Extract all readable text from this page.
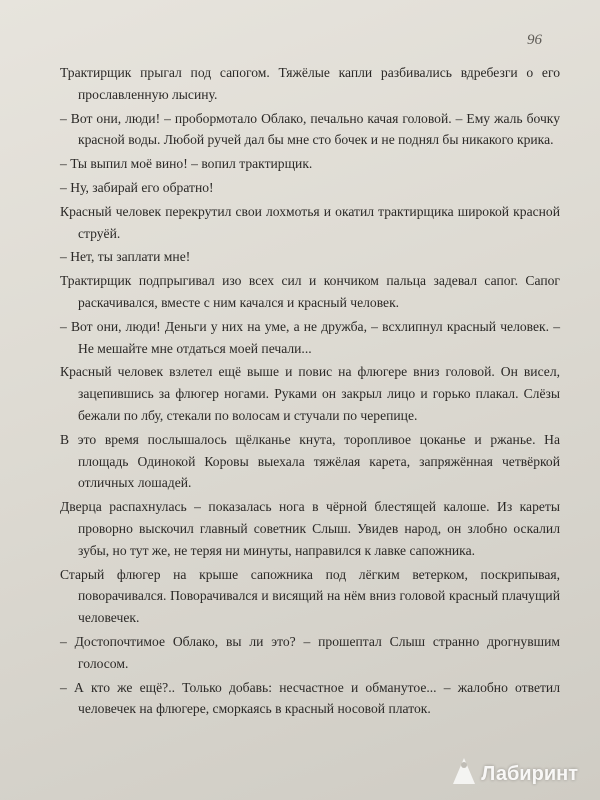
96

Трактирщик прыгал под сапогом. Тяжёлые капли разбивались вдребезги о его прославленную лысину.

– Вот они, люди! – пробормотало Облако, печально качая головой. – Ему жаль бочку красной воды. Любой ручей дал бы мне сто бочек и не поднял бы никакого крика.

– Ты выпил моё вино! – вопил трактирщик.

– Ну, забирай его обратно!

Красный человек перекрутил свои лохмотья и окатил трактирщика широкой красной струёй.

– Нет, ты заплати мне!

Трактирщик подпрыгивал изо всех сил и кончиком пальца задевал сапог. Сапог раскачивался, вместе с ним качался и красный человек.

– Вот они, люди! Деньги у них на уме, а не дружба, – всхлипнул красный человек. – Не мешайте мне отдаться моей печали...

Красный человек взлетел ещё выше и повис на флюгере вниз головой. Он висел, зацепившись за флюгер ногами. Руками он закрыл лицо и горько плакал. Слёзы бежали по лбу, стекали по волосам и стучали по черепице.

В это время послышалось щёлканье кнута, торопливое цоканье и ржанье. На площадь Одинокой Коровы выехала тяжёлая карета, запряжённая четвёркой отличных лошадей.

Дверца распахнулась – показалась нога в чёрной блестящей калоше. Из кареты проворно выскочил главный советник Слыш. Увидев народ, он злобно оскалил зубы, но тут же, не теряя ни минуты, направился к лавке сапожника.

Старый флюгер на крыше сапожника под лёгким ветерком, поскрипывая, поворачивался. Поворачивался и висящий на нём вниз головой красный плачущий человечек.

– Достопочтимое Облако, вы ли это? – прошептал Слыш странно дрогнувшим голосом.

– А кто же ещё?.. Только добавь: несчастное и обманутое... – жалобно ответил человечек на флюгере, сморкаясь в красный носовой платок.

Лабиринт
